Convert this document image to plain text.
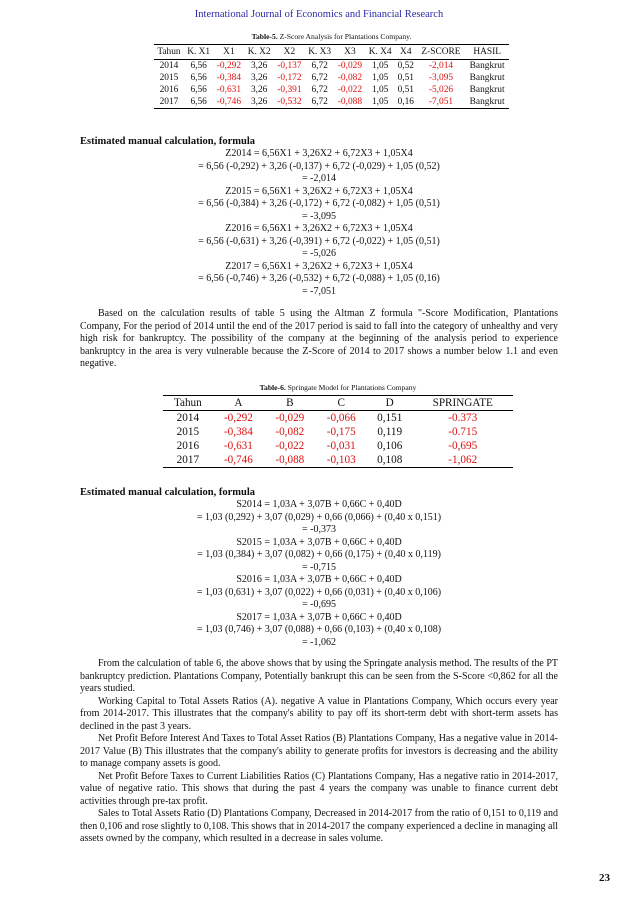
International Journal of Economics and Financial Research
Table-5. Z-Score Analysis for Plantations Company.
Tahun	K. X1	X1	K. X2	X2	K. X3	X3	K. X4	X4	Z-SCORE	HASIL
2014	6,56	-0,292	3,26	-0,137	6,72	-0,029	1,05	0,52	-2,014	Bangkrut
2015	6,56	-0,384	3,26	-0,172	6,72	-0,082	1,05	0,51	-3,095	Bangkrut
2016	6,56	-0,631	3,26	-0,391	6,72	-0,022	1,05	0,51	-5,026	Bangkrut
2017	6,56	-0,746	3,26	-0,532	6,72	-0,088	1,05	0,16	-7,051	Bangkrut
Estimated manual calculation, formula
Z2014 = 6,56X1 + 3,26X2 + 6,72X3 + 1,05X4
= 6,56 (-0,292) + 3,26 (-0,137) + 6,72 (-0,029) + 1,05 (0,52)
= -2,014
Z2015 = 6,56X1 + 3,26X2 + 6,72X3 + 1,05X4
= 6,56 (-0,384) + 3,26 (-0,172) + 6,72 (-0,082) + 1,05 (0,51)
= -3,095
Z2016 = 6,56X1 + 3,26X2 + 6,72X3 + 1,05X4
= 6,56 (-0,631) + 3,26 (-0,391) + 6,72 (-0,022) + 1,05 (0,51)
= -5,026
Z2017 = 6,56X1 + 3,26X2 + 6,72X3 + 1,05X4
= 6,56 (-0,746) + 3,26 (-0,532) + 6,72 (-0,088) + 1,05 (0,16)
= -7,051

Based on the calculation results of table 5 using the Altman Z formula "-Score Modification, Plantations Company, For the period of 2014 until the end of the 2017 period is said to fall into the category of unhealthy and very high risk for bankruptcy. The possibility of the company at the beginning of the analysis period to experience bankruptcy in the area is very vulnerable because the Z-Score of 2014 to 2017 shows a number below 1.1 and even negative.

Table-6. Springate Model for Plantations Company
Tahun	A	B	C	D	SPRINGATE
2014	-0,292	-0,029	-0,066	0,151	-0.373
2015	-0,384	-0,082	-0,175	0,119	-0.715
2016	-0,631	-0,022	-0,031	0,106	-0,695
2017	-0,746	-0,088	-0,103	0,108	-1,062
Estimated manual calculation, formula
S2014 = 1,03A + 3,07B + 0,66C + 0,40D
= 1,03 (0,292) + 3,07 (0,029) + 0,66 (0,066) + (0,40 x 0,151)
= -0,373
S2015 = 1,03A + 3,07B + 0,66C + 0,40D
= 1,03 (0,384) + 3,07 (0,082) + 0,66 (0,175) + (0,40 x 0,119)
= -0,715
S2016 = 1,03A + 3,07B + 0,66C + 0,40D
= 1,03 (0,631) + 3,07 (0,022) + 0,66 (0,031) + (0,40 x 0,106)
= -0,695
S2017 = 1,03A + 3,07B + 0,66C + 0,40D
= 1,03 (0,746) + 3,07 (0,088) + 0,66 (0,103) + (0,40 x 0,108)
= -1,062

From the calculation of table 6, the above shows that by using the Springate analysis method. The results of the PT bankruptcy prediction. Plantations Company, Potentially bankrupt this can be seen from the S-Score <0,862 for all the years studied.

Working Capital to Total Assets Ratios (A). negative A value in Plantations Company, Which occurs every year from 2014-2017. This illustrates that the company's ability to pay off its short-term debt with short-term assets has declined in the past 3 years.

Net Profit Before Interest And Taxes to Total Asset Ratios (B) Plantations Company, Has a negative value in 2014-2017 Value (B) This illustrates that the company's ability to generate profits for investors is decreasing and the ability to manage company assets is good.

Net Profit Before Taxes to Current Liabilities Ratios (C) Plantations Company, Has a negative ratio in 2014-2017, value of negative ratio. This shows that during the past 4 years the company was unable to finance current debt activities through pre-tax profit.

Sales to Total Assets Ratio (D) Plantations Company, Decreased in 2014-2017 from the ratio of 0,151 to 0,119 and then 0,106 and rose slightly to 0,108. This shows that in 2014-2017 the company experienced a decline in managing all assets owned by the company, which resulted in a decrease in sales volume.

23
